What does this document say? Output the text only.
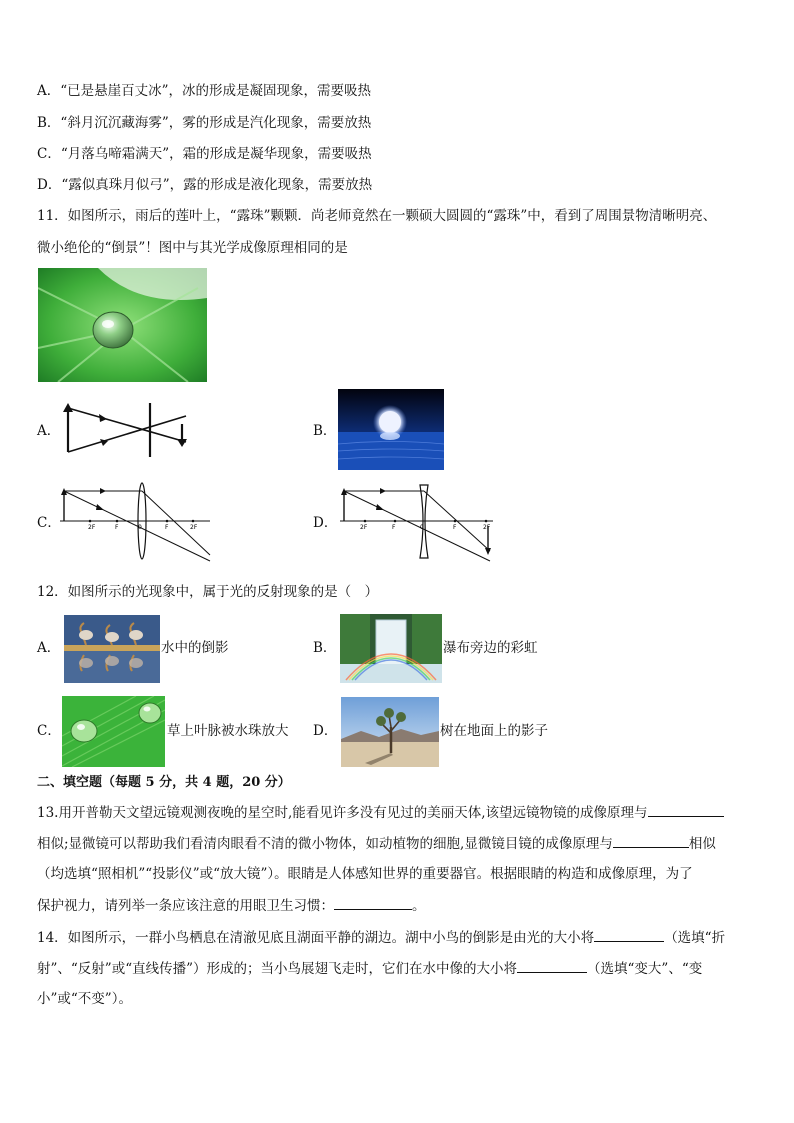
A．“已是悬崖百丈冰”，冰的形成是凝固现象，需要吸热
B．“斜月沉沉藏海雾”，雾的形成是汽化现象，需要放热
C．“月落乌啼霜满天”，霜的形成是凝华现象，需要吸热
D．“露似真珠月似弓”，露的形成是液化现象，需要放热
11．如图所示，雨后的莲叶上，“露珠”颗颗．尚老师竟然在一颗硕大圆圆的“露珠”中，看到了周围景物清晰明亮、
微小绝伦的“倒景”！图中与其光学成像原理相同的是
A．	B．
C．	2F	F	0	F	2F	D．	2F	F	0	F	2F
12．如图所示的光现象中，属于光的反射现象的是（　）
A．	水中的倒影	B．	瀑布旁边的彩虹
C．	草上叶脉被水珠放大 D．	树在地面上的影子
二、填空题（每题 5 分，共 4 题，20 分）
13.用开普勒天文望远镜观测夜晚的星空时,能看见许多没有见过的美丽天体,该望远镜物镜的成像原理与
相似;显微镜可以帮助我们看清肉眼看不清的微小物体，如动植物的细胞,显微镜目镜的成像原理与	相似
（均选填“照相机”“投影仪”或“放大镜”）。眼睛是人体感知世界的重要器官。根据眼睛的构造和成像原理，为了
保护视力，请列举一条应该注意的用眼卫生习惯：	。
14．如图所示，一群小鸟栖息在清澈见底且湖面平静的湖边。湖中小鸟的倒影是由光的大小将	（选填“折
射”、“反射”或“直线传播”）形成的；当小鸟展翅飞走时，它们在水中像的大小将	（选填“变大”、“变
小”或“不变”）。
